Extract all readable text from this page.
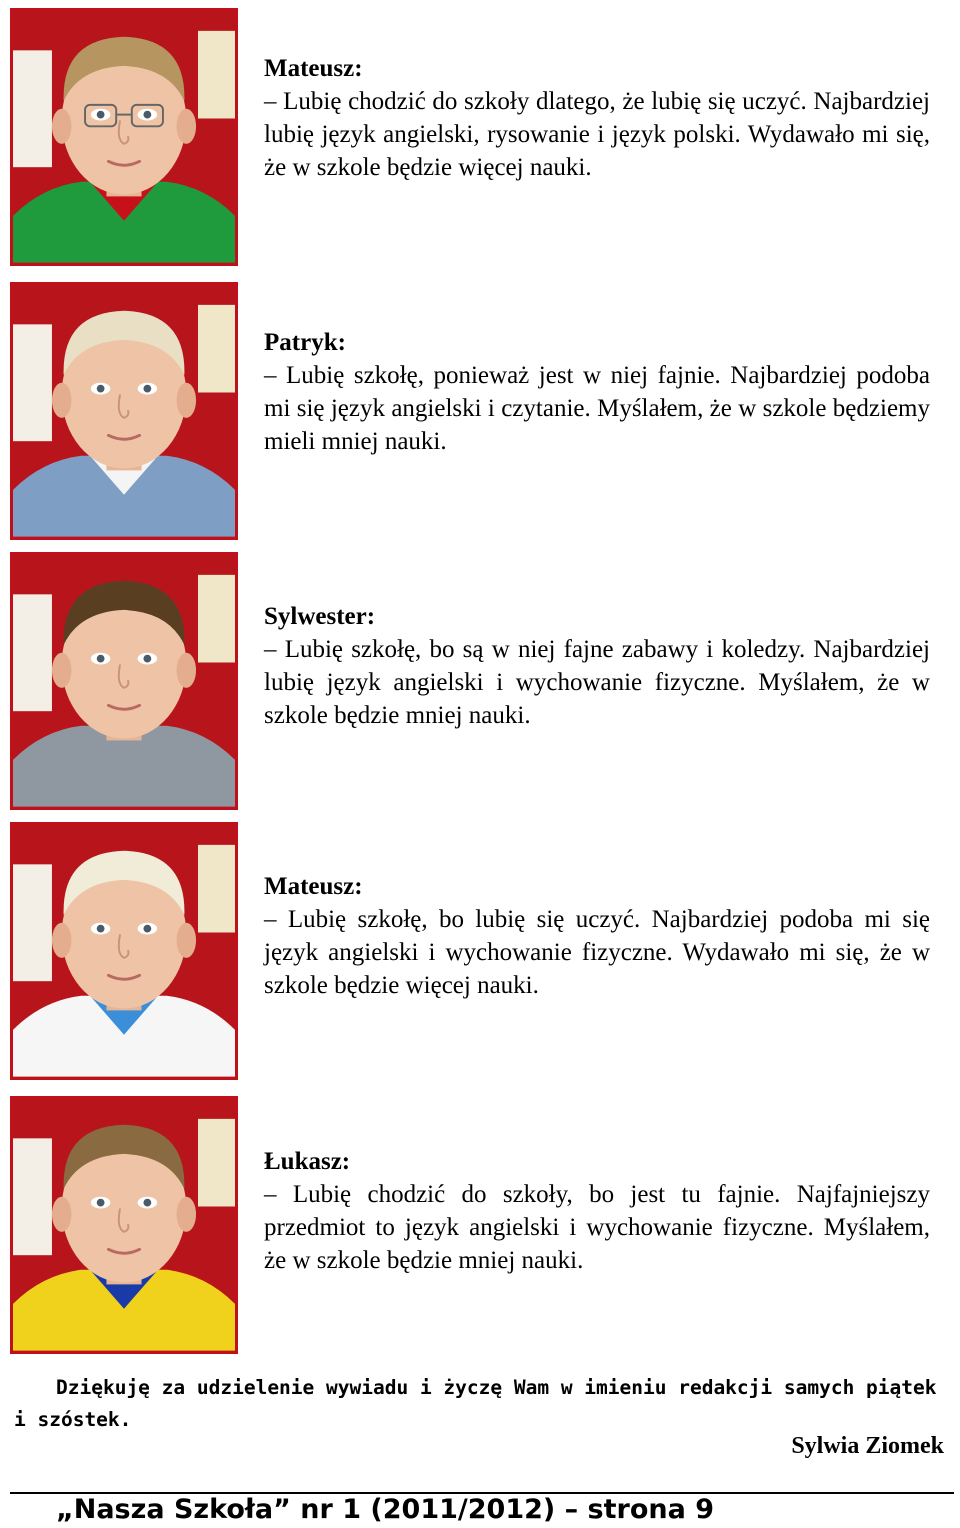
Mateusz:

– Lubię chodzić do szkoły dlatego, że lubię się uczyć. Najbardziej lubię język angielski, rysowanie i język polski. Wydawało mi się, że w szkole będzie więcej nauki.

Patryk:

– Lubię szkołę, ponieważ jest w niej fajnie. Najbardziej podoba mi się język angielski i czytanie. Myślałem, że w szkole będziemy mieli mniej nauki.

Sylwester:

– Lubię szkołę, bo są w niej fajne zabawy i koledzy. Najbardziej lubię język angielski i wychowanie fizyczne. Myślałem, że w szkole będzie mniej nauki.

Mateusz:

– Lubię szkołę, bo lubię się uczyć. Najbardziej podoba mi się język angielski i wychowanie fizyczne. Wydawało mi się, że w szkole będzie więcej nauki.

Łukasz:

– Lubię chodzić do szkoły, bo jest tu fajnie. Najfajniejszy przedmiot to język angielski i wychowanie fizyczne. Myślałem, że w szkole będzie mniej nauki.

Dziękuję za udzielenie wywiadu i życzę Wam w imieniu redakcji samych piątek i szóstek.
Sylwia Ziomek
„Nasza Szkoła” nr 1 (2011/2012) – strona 9
